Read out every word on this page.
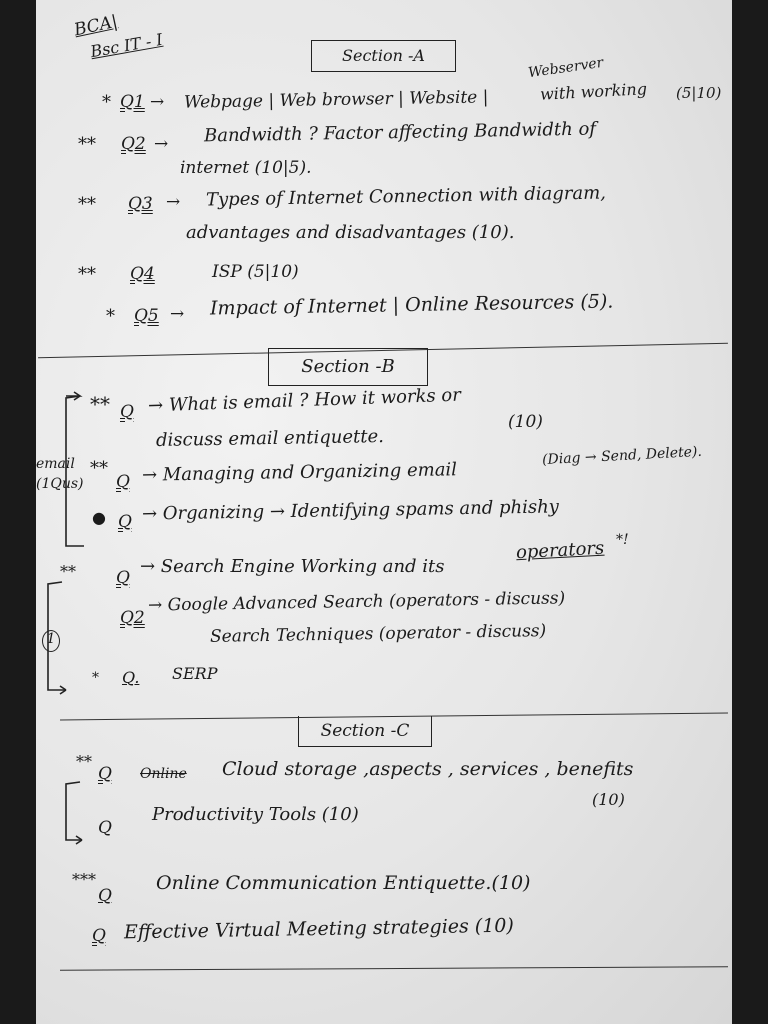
BCA|
Bsc IT - I	Section -A
* Q1 → Webpage | Web browser | Website |
Webserver
with working (5|10)
** Q2 → Bandwidth ? Factor affecting Bandwidth of
internet (10|5).
** Q3 → Types of Internet Connection with diagram,
advantages and disadvantages (10).
** Q4	ISP (5|10)
* Q5 → Impact of Internet | Online Resources (5).
Section -B
email
(1Qus)
** Q → What is email ? How it works or
discuss email entiquette.
(10)
**
Q → Managing and Organizing email
(Diag → Send, Delete).
● Q → Organizing → Identifying spams and phishy
** Q
→ Search Engine Working and its
operators *!
Q2
→ Google Advanced Search (operators - discuss)
Search Techniques (operator - discuss)
* Q. SERP
1
Section -C
**
Q Online Cloud storage ,aspects , services , benefits
(10)
Q
Productivity Tools (10)
***
Q
Online Communication Entiquette.(10)
Q Effective Virtual Meeting strategies (10)
